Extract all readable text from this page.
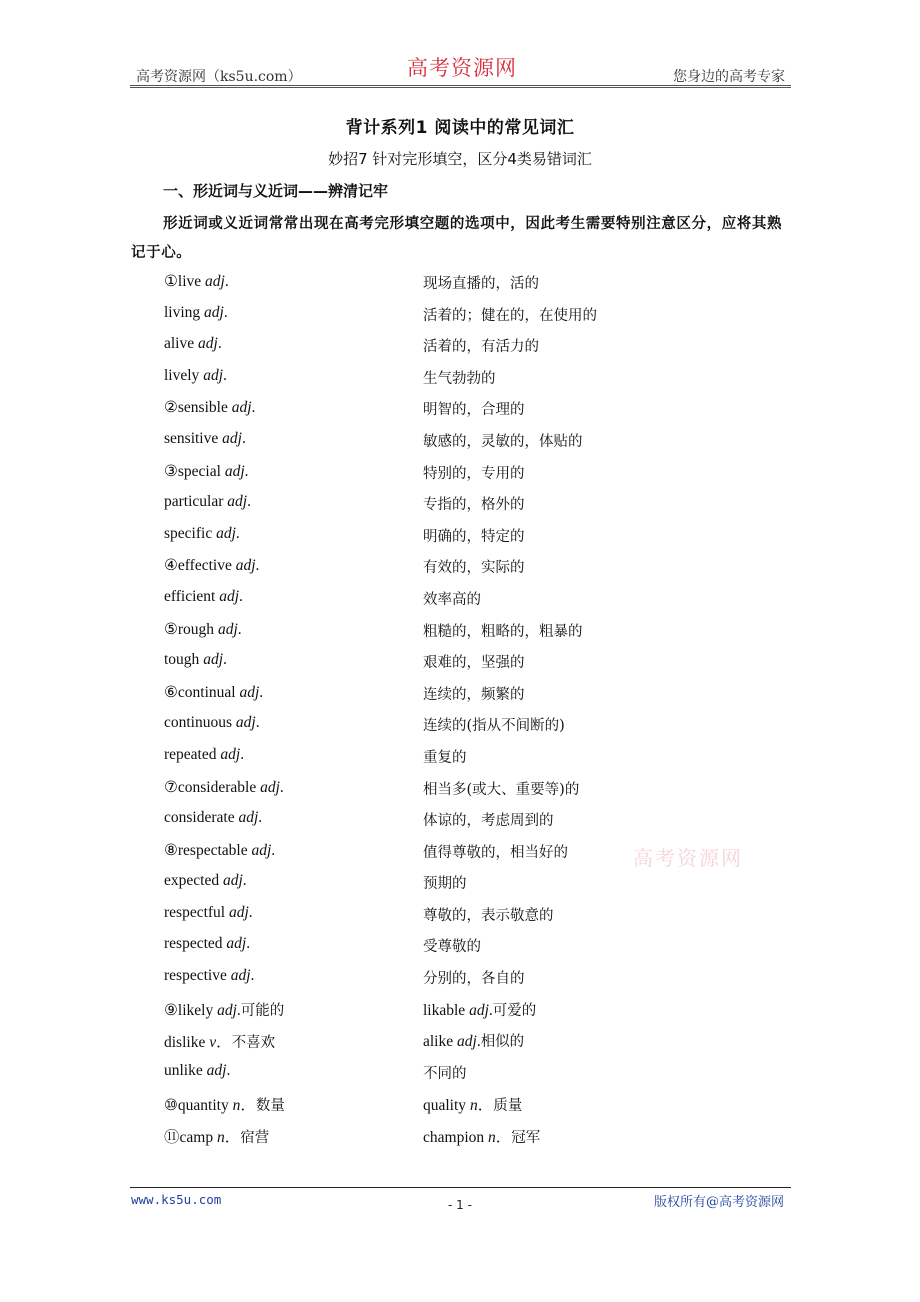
高考资源网（ks5u.com）	高考资源网	您身边的高考专家
背计系列1 阅读中的常见词汇
妙招7 针对完形填空，区分4类易错词汇
一、形近词与义近词——辨清记牢
形近词或义近词常常出现在高考完形填空题的选项中，因此考生需要特别注意区分，应将其熟记于心。
①live adj.	现场直播的，活的
living adj.	活着的；健在的，在使用的
alive adj.	活着的，有活力的
lively adj.	生气勃勃的
②sensible adj.	明智的，合理的
sensitive adj.	敏感的，灵敏的，体贴的
③special adj.	特别的，专用的
particular adj.	专指的，格外的
specific adj.	明确的，特定的
④effective adj.	有效的，实际的
efficient adj.	效率高的
⑤rough adj.	粗糙的，粗略的，粗暴的
tough adj.	艰难的，坚强的
⑥continual adj.	连续的，频繁的
continuous adj.	连续的(指从不间断的)
repeated adj.	重复的
⑦considerable adj.	相当多(或大、重要等)的
considerate adj.	体谅的，考虑周到的
⑧respectable adj.	值得尊敬的，相当好的
expected adj.	预期的
respectful adj.	尊敬的，表示敬意的
respected adj.	受尊敬的
respective adj.	分别的，各自的
⑨likely adj.可能的	likable adj.可爱的
dislike v．不喜欢	alike adj.相似的
unlike adj.	不同的
⑩quantity n．数量	quality n．质量
⑪camp n．宿营	champion n．冠军
高考资源网
www.ks5u.com	- 1 -	版权所有@高考资源网
